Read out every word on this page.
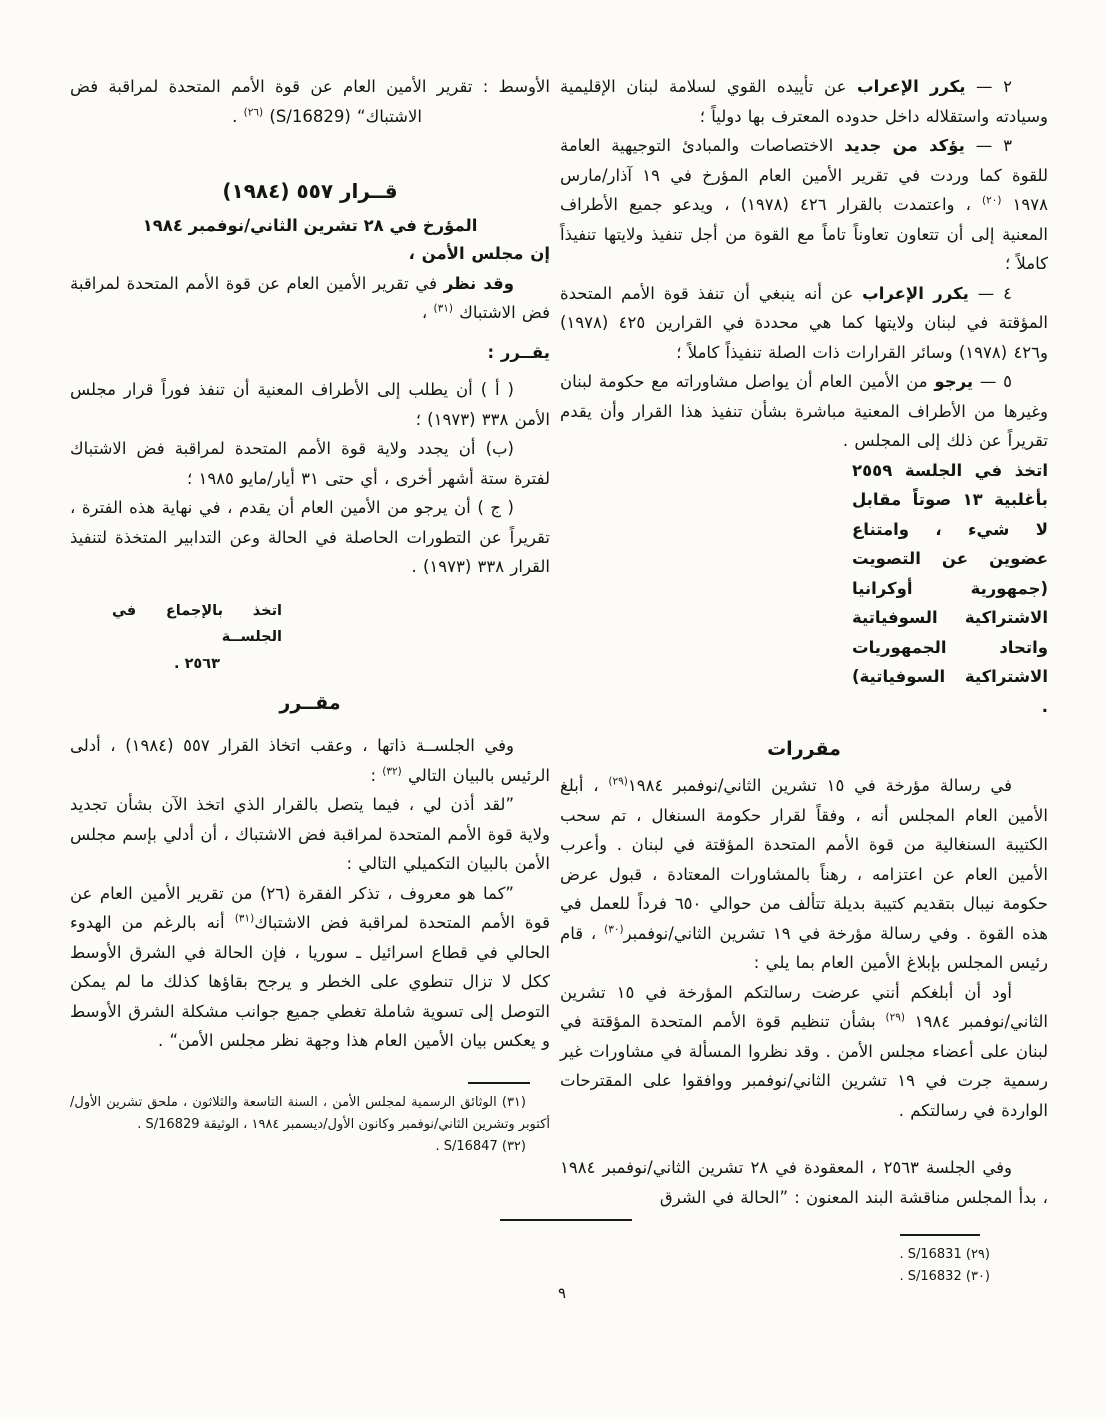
٢ — يكرر الإعراب عن تأييده القوي لسلامة لبنان الإقليمية وسيادته واستقلاله داخل حدوده المعترف بها دولياً ؛

٣ — يؤكد من جديد الاختصاصات والمبادئ التوجيهية العامة للقوة كما وردت في تقرير الأمين العام المؤرخ في ١٩ آذار/مارس ١٩٧٨ $^{(٢٠)}$ ، واعتمدت بالقرار ٤٢٦ (١٩٧٨) ، ويدعو جميع الأطراف المعنية إلى أن تتعاون تعاوناً تاماً مع القوة من أجل تنفيذ ولايتها تنفيذاً كاملاً ؛

٤ — يكرر الإعراب عن أنه ينبغي أن تنفذ قوة الأمم المتحدة المؤقتة في لبنان ولايتها كما هي محددة في القرارين ٤٢٥ (١٩٧٨) و٤٢٦ (١٩٧٨) وسائر القرارات ذات الصلة تنفيذاً كاملاً ؛

٥ — يرجو من الأمين العام أن يواصل مشاوراته مع حكومة لبنان وغيرها من الأطراف المعنية مباشرة بشأن تنفيذ هذا القرار وأن يقدم تقريراً عن ذلك إلى المجلس .

اتخذ في الجلسة ٢٥٥٩ بأغلبية ١٣ صوتاً مقابل لا شيء ، وامتناع عضوين عن التصويت (جمهورية أوكرانيا الاشتراكية السوفياتية واتحاد الجمهوريات الاشتراكية السوفياتية) .

مقررات

في رسالة مؤرخة في ١٥ تشرين الثاني/نوفمبر ١٩٨٤$^{(٢٩)}$ ، أبلغ الأمين العام المجلس أنه ، وفقاً لقرار حكومة السنغال ، تم سحب الكتيبة السنغالية من قوة الأمم المتحدة المؤقتة في لبنان . وأعرب الأمين العام عن اعتزامه ، رهناً بالمشاورات المعتادة ، قبول عرض حكومة نيبال بتقديم كتيبة بديلة تتألف من حوالي ٦٥٠ فرداً للعمل في هذه القوة . وفي رسالة مؤرخة في ١٩ تشرين الثاني/نوفمبر$^{(٣٠)}$ ، قام رئيس المجلس بإبلاغ الأمين العام بما يلي :

أود أن أبلغكم أنني عرضت رسالتكم المؤرخة في ١٥ تشرين الثاني/نوفمبر ١٩٨٤ $^{(٢٩)}$ بشأن تنظيم قوة الأمم المتحدة المؤقتة في لبنان على أعضاء مجلس الأمن . وقد نظروا المسألة في مشاورات غير رسمية جرت في ١٩ تشرين الثاني/نوفمبر ووافقوا على المقترحات الواردة في رسالتكم .

وفي الجلسة ٢٥٦٣ ، المعقودة في ٢٨ تشرين الثاني/نوفمبر ١٩٨٤ ، بدأ المجلس مناقشة البند المعنون : ”الحالة في الشرق

(٢٩) S/16831 .

(٣٠) S/16832 .

الأوسط : تقرير الأمين العام عن قوة الأمم المتحدة لمراقبة فض الاشتباك“ (S/16829) $^{(٢٦)}$ .

قــرار ٥٥٧ (١٩٨٤)
المؤرخ في ٢٨ تشرين الثاني/نوفمبر ١٩٨٤

إن مجلس الأمن ،

وقد نظر في تقرير الأمين العام عن قوة الأمم المتحدة لمراقبة فض الاشتباك $^{(٣١)}$ ،

يقــرر :

( أ ) أن يطلب إلى الأطراف المعنية أن تنفذ فوراً قرار مجلس الأمن ٣٣٨ (١٩٧٣) ؛

(ب) أن يجدد ولاية قوة الأمم المتحدة لمراقبة فض الاشتباك لفترة ستة أشهر أخرى ، أي حتى ٣١ أيار/مايو ١٩٨٥ ؛

( ج ) أن يرجو من الأمين العام أن يقدم ، في نهاية هذه الفترة ، تقريراً عن التطورات الحاصلة في الحالة وعن التدابير المتخذة لتنفيذ القرار ٣٣٨ (١٩٧٣) .

اتخذ بالإجماع في الجلســة
٢٥٦٣ .
مقــرر

وفي الجلســة ذاتها ، وعقب اتخاذ القرار ٥٥٧ (١٩٨٤) ، أدلى الرئيس بالبيان التالي $^{(٣٢)}$ :

”لقد أذن لي ، فيما يتصل بالقرار الذي اتخذ الآن بشأن تجديد ولاية قوة الأمم المتحدة لمراقبة فض الاشتباك ، أن أدلي بإسم مجلس الأمن بالبيان التكميلي التالي :

”كما هو معروف ، تذكر الفقرة (٢٦) من تقرير الأمين العام عن قوة الأمم المتحدة لمراقبة فض الاشتباك$^{(٣١)}$ أنه بالرغم من الهدوء الحالي في قطاع اسرائيل ـ سوريا ، فإن الحالة في الشرق الأوسط ككل لا تزال تنطوي على الخطر و يرجح بقاؤها كذلك ما لم يمكن التوصل إلى تسوية شاملة تغطي جميع جوانب مشكلة الشرق الأوسط و يعكس بيان الأمين العام هذا وجهة نظر مجلس الأمن“ .

(٣١) الوثائق الرسمية لمجلس الأمن ، السنة التاسعة والثلاثون ، ملحق تشرين الأول/أكتوبر وتشرين الثاني/نوفمبر وكانون الأول/ديسمبر ١٩٨٤ ، الوثيقة S/16829 .

(٣٢) S/16847 .

٩
